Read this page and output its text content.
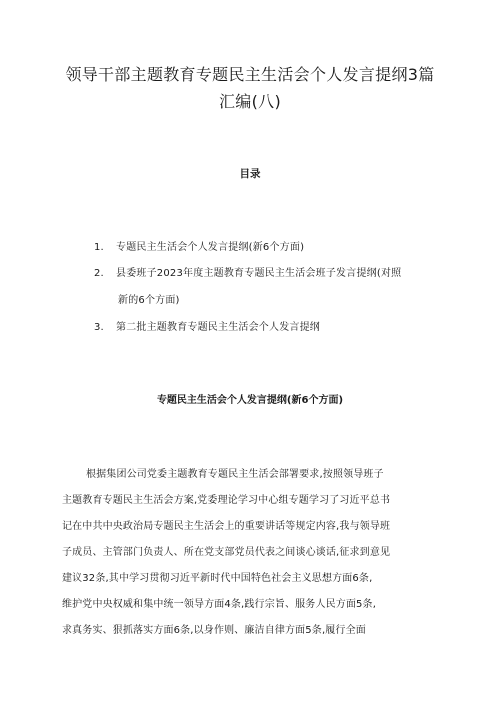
领导干部主题教育专题民主生活会个人发言提纲3篇
汇编(八)
目录
1. 专题民主生活会个人发言提纲(新6个方面)
2. 县委班子2023年度主题教育专题民主生活会班子发言提纲(对照
新的6个方面)
3. 第二批主题教育专题民主生活会个人发言提纲
专题民主生活会个人发言提纲(新6个方面)
根据集团公司党委主题教育专题民主生活会部署要求,按照领导班子
主题教育专题民主生活会方案,党委理论学习中心组专题学习了习近平总书
记在中共中央政治局专题民主生活会上的重要讲话等规定内容,我与领导班
子成员、主管部门负责人、所在党支部党员代表之间谈心谈话,征求到意见
建议32条,其中学习贯彻习近平新时代中国特色社会主义思想方面6条,
维护党中央权威和集中统一领导方面4条,践行宗旨、服务人民方面5条,
求真务实、狠抓落实方面6条,以身作则、廉洁自律方面5条,履行全面
